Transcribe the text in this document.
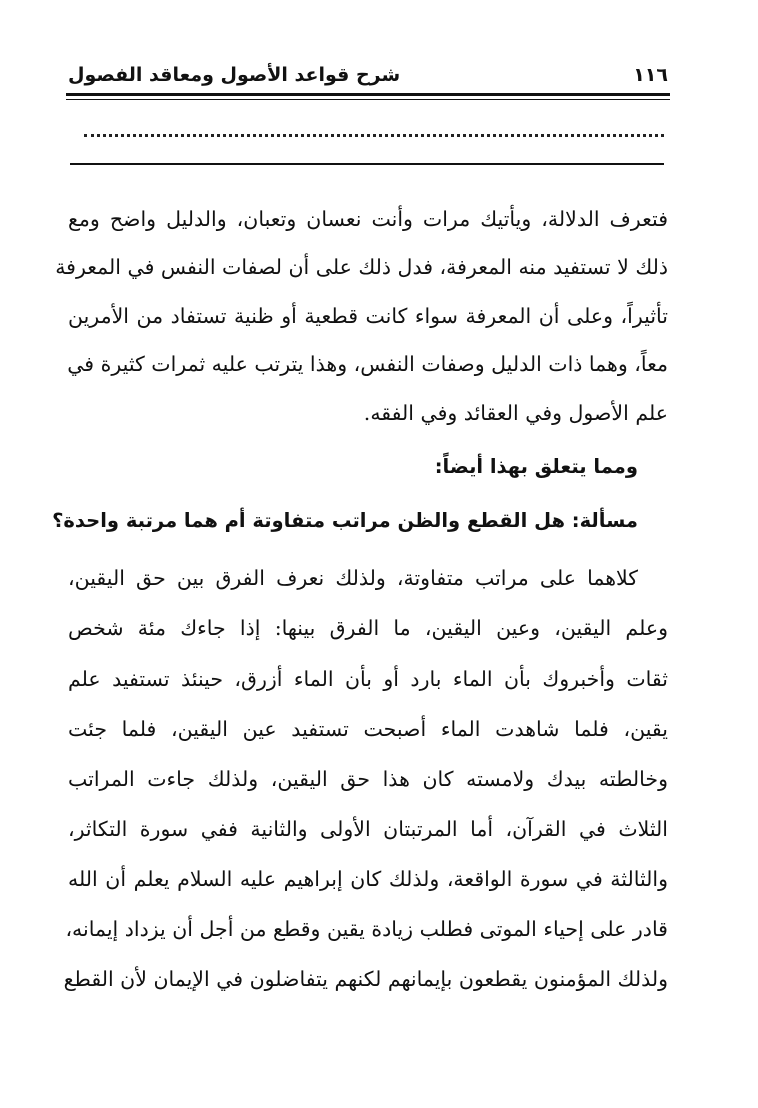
١١٦
شرح قواعد الأصول ومعاقد الفصول
فتعرف الدلالة، ويأتيك مرات وأنت نعسان وتعبان، والدليل واضح ومع
ذلك لا تستفيد منه المعرفة، فدل ذلك على أن لصفات النفس في المعرفة
تأثيراً، وعلى أن المعرفة سواء كانت قطعية أو ظنية تستفاد من الأمرين
معاً، وهما ذات الدليل وصفات النفس، وهذا يترتب عليه ثمرات كثيرة في
علم الأصول وفي العقائد وفي الفقه.
ومما يتعلق بهذا أيضاً:
مسألة: هل القطع والظن مراتب متفاوتة أم هما مرتبة واحدة؟
كلاهما على مراتب متفاوتة، ولذلك نعرف الفرق بين حق اليقين،
وعلم اليقين، وعين اليقين، ما الفرق بينها: إذا جاءك مئة شخص
ثقات وأخبروك بأن الماء بارد أو بأن الماء أزرق، حينئذ تستفيد علم
يقين، فلما شاهدت الماء أصبحت تستفيد عين اليقين، فلما جئت
وخالطته بيدك ولامسته كان هذا حق اليقين، ولذلك جاءت المراتب
الثلاث في القرآن، أما المرتبتان الأولى والثانية ففي سورة التكاثر،
والثالثة في سورة الواقعة، ولذلك كان إبراهيم عليه السلام يعلم أن الله
قادر على إحياء الموتى فطلب زيادة يقين وقطع من أجل أن يزداد إيمانه،
ولذلك المؤمنون يقطعون بإيمانهم لكنهم يتفاضلون في الإيمان لأن القطع
